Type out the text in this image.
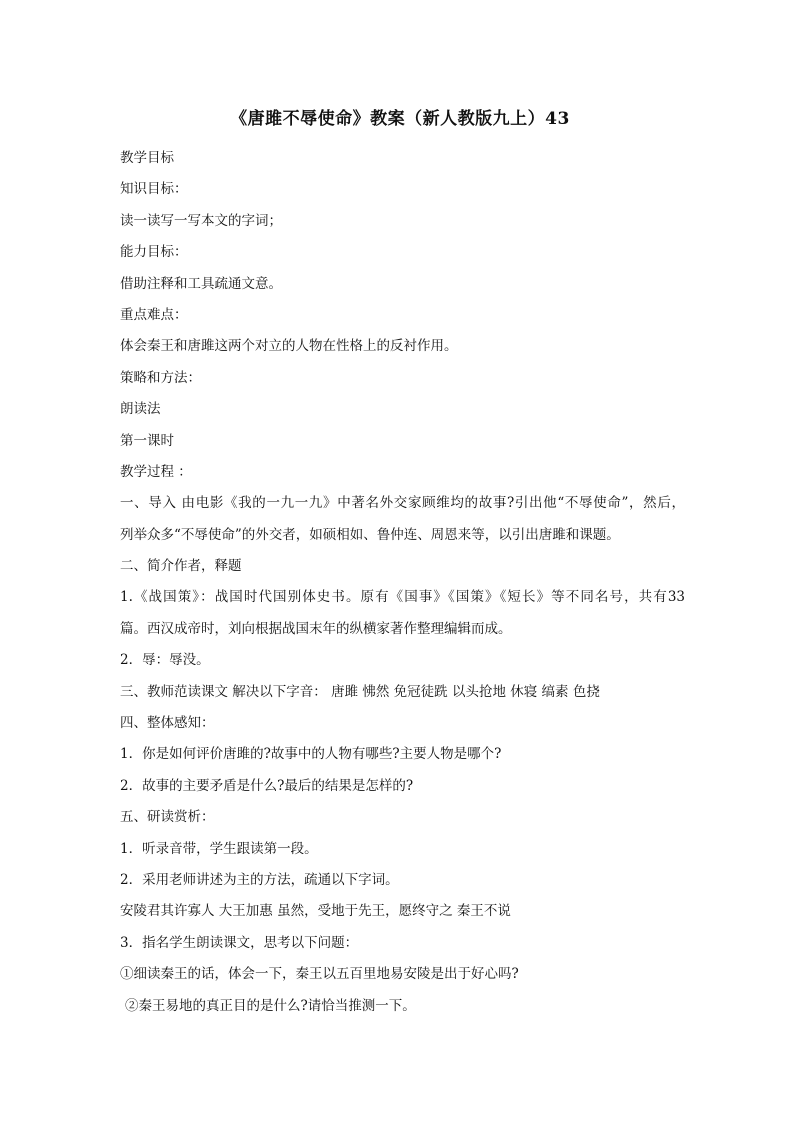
《唐雎不辱使命》教案（新人教版九上）43
教学目标
知识目标：
读一读写一写本文的字词；
能力目标：
借助注释和工具疏通文意。
重点难点：
体会秦王和唐雎这两个对立的人物在性格上的反衬作用。
策略和方法：
朗读法
第一课时
教学过程 ：
一、导入 由电影《我的一九一九》中著名外交家顾维均的故事?引出他“不辱使命”，然后，
列举众多“不辱使命”的外交者，如硕相如、鲁仲连、周恩来等，以引出唐雎和课题。
二、简介作者，释题
1.《战国策》：战国时代国别体史书。原有《国事》《国策》《短长》等不同名号，共有33
篇。西汉成帝时，刘向根据战国末年的纵横家著作整理编辑而成。
2．辱：辱没。
三、教师范读课文 解决以下字音： 唐雎 怫然 免冠徒跣 以头抢地 休寝 缟素 色挠
四、整体感知：
1．你是如何评价唐雎的?故事中的人物有哪些?主要人物是哪个?
2．故事的主要矛盾是什么?最后的结果是怎样的?
五、研读赏析：
1．听录音带，学生跟读第一段。
2．采用老师讲述为主的方法，疏通以下字词。
安陵君其许寡人 大王加惠 虽然，受地于先王，愿终守之 秦王不说
3．指名学生朗读课文，思考以下问题：
①细读秦王的话，体会一下，秦王以五百里地易安陵是出于好心吗?
②秦王易地的真正目的是什么?请恰当推测一下。
